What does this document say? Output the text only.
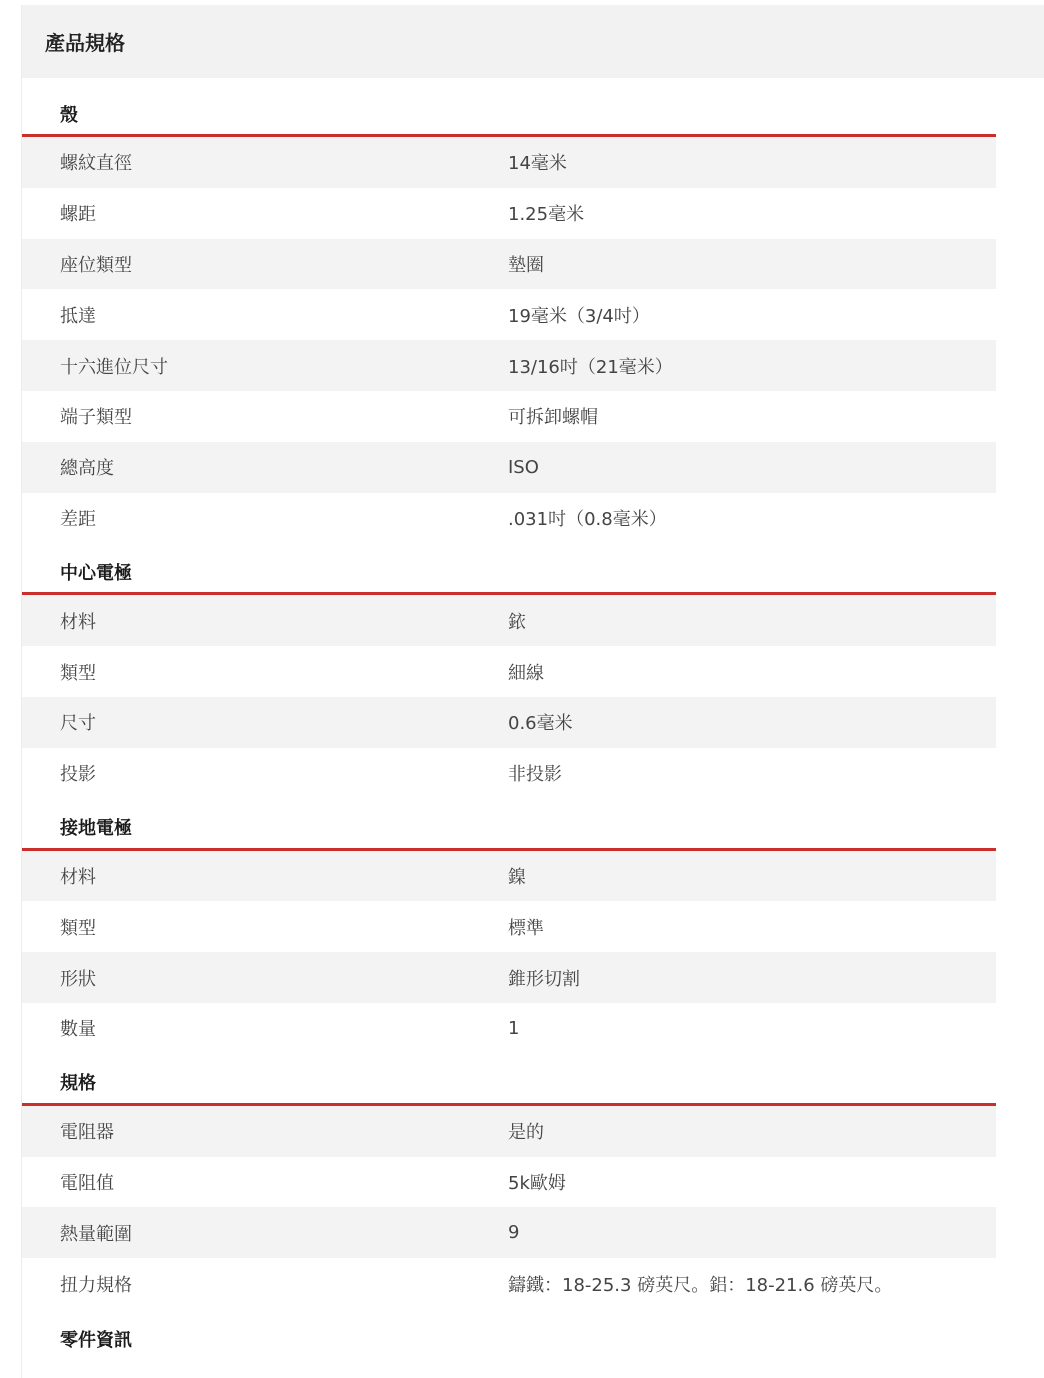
產品規格
殼
螺紋直徑	14毫米
螺距	1.25毫米
座位類型	墊圈
抵達	19毫米（3/4吋）
十六進位尺寸	13/16吋（21毫米）
端子類型	可拆卸螺帽
總高度	ISO
差距	.031吋（0.8毫米）
中心電極
材料	銥
類型	細線
尺寸	0.6毫米
投影	非投影
接地電極
材料	鎳
類型	標準
形狀	錐形切割
數量	1
規格
電阻器	是的
電阻值	5k歐姆
熱量範圍	9
扭力規格	鑄鐵：18-25.3 磅英尺。鋁：18-21.6 磅英尺。
零件資訊
